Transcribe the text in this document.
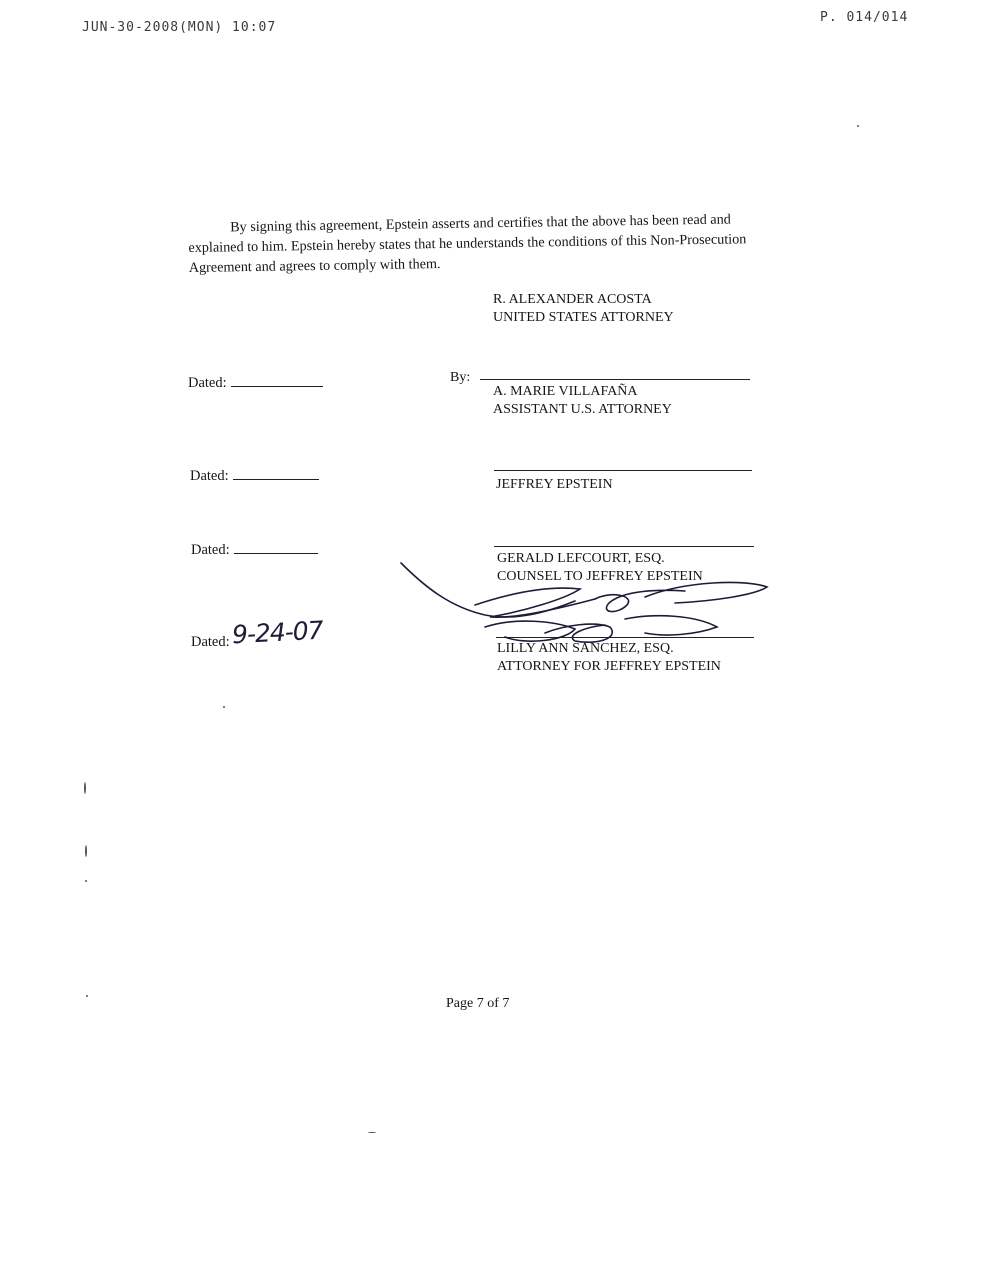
JUN-30-2008(MON) 10:07
P. 014/014

By signing this agreement, Epstein asserts and certifies that the above has been read and explained to him. Epstein hereby states that he understands the conditions of this Non-Prosecution Agreement and agrees to comply with them.

R. ALEXANDER ACOSTA
UNITED STATES ATTORNEY
Dated:	By:
A. MARIE VILLAFAÑA
ASSISTANT U.S. ATTORNEY
Dated:
JEFFREY EPSTEIN
Dated:
GERALD LEFCOURT, ESQ.
COUNSEL TO JEFFREY EPSTEIN
Dated: 9-24-07	LILLY ANN SANCHEZ, ESQ.
ATTORNEY FOR JEFFREY EPSTEIN
Page 7 of 7
